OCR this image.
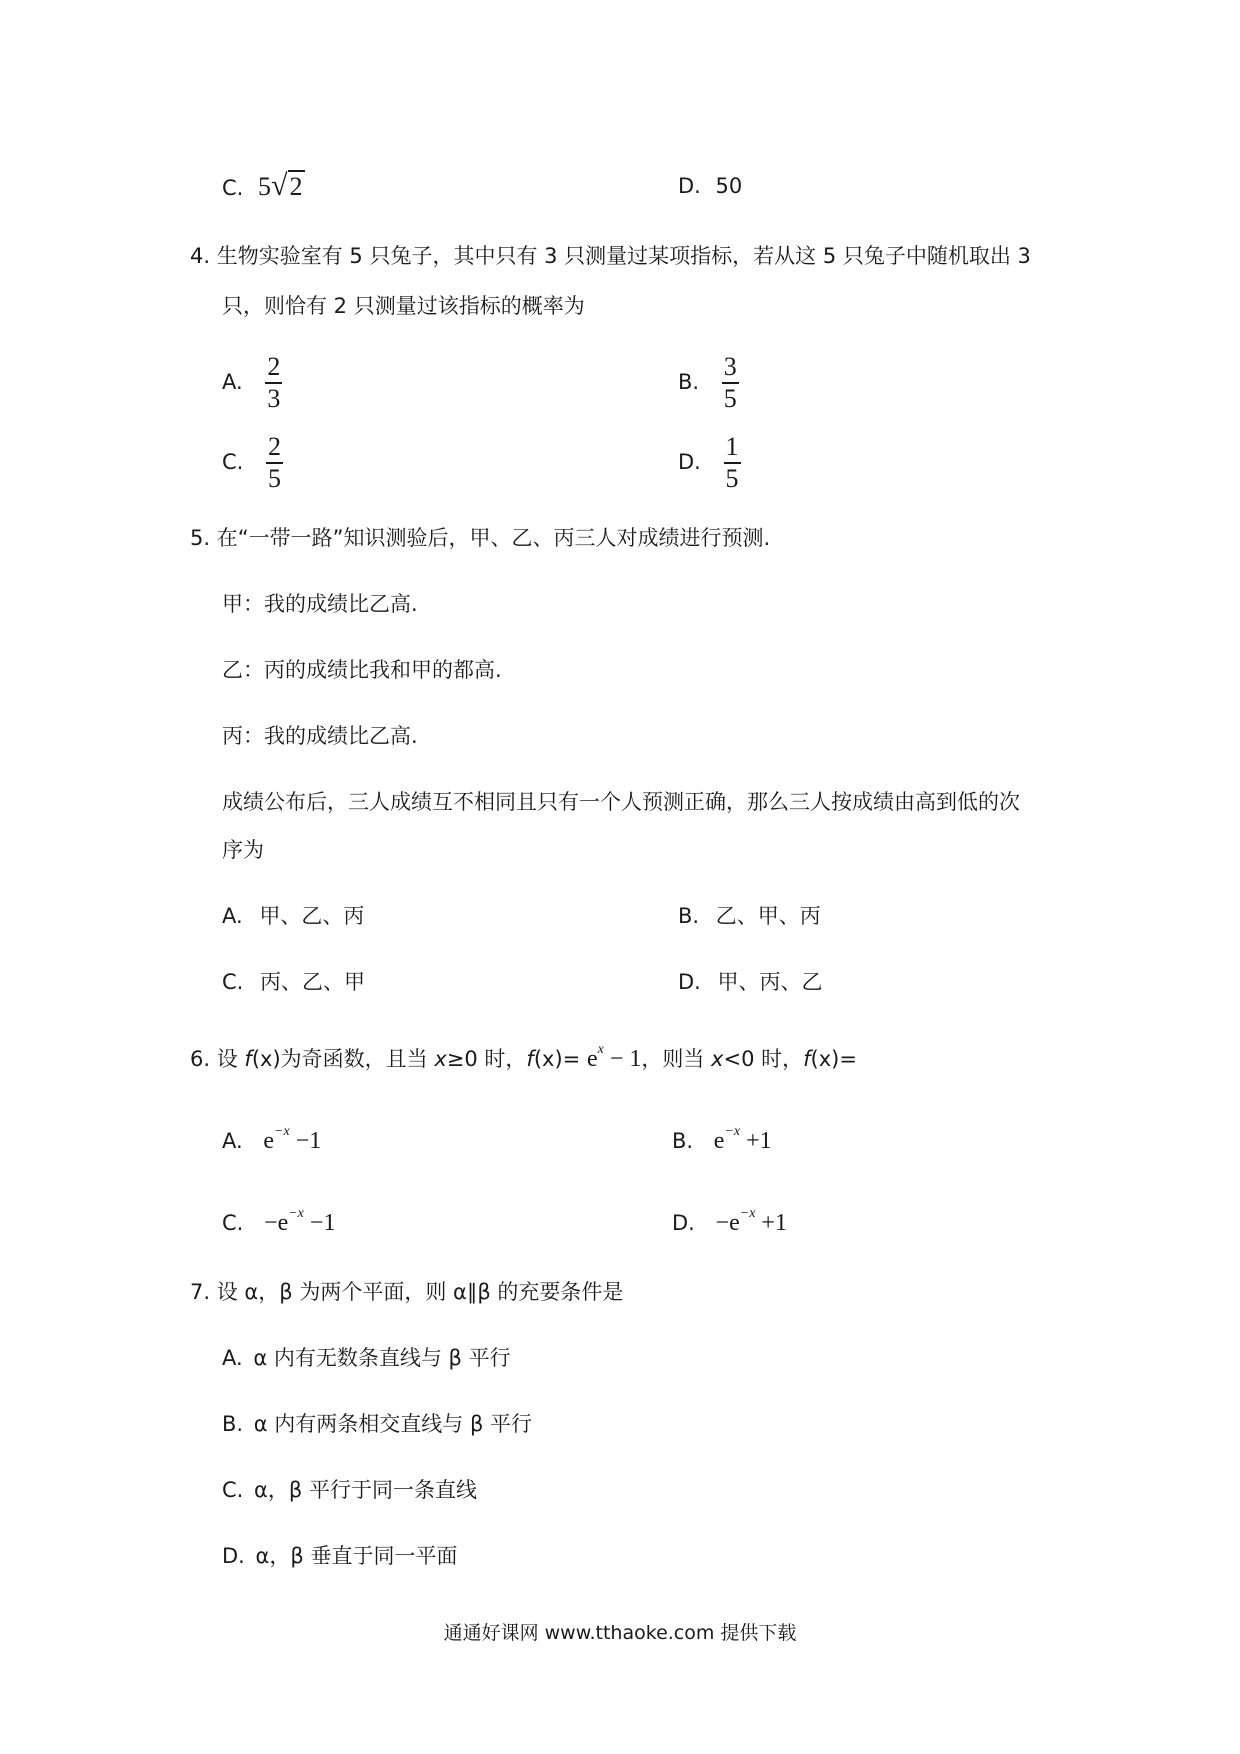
C. 5√2	D. 50
4. 生物实验室有 5 只兔子，其中只有 3 只测量过某项指标，若从这 5 只兔子中随机取出 3
只，则恰有 2 只测量过该指标的概率为
A. $\frac{2}{3}$	B. $\frac{3}{5}$
C. $\frac{2}{5}$	D. $\frac{1}{5}$
5. 在“一带一路”知识测验后，甲、乙、丙三人对成绩进行预测.
甲：我的成绩比乙高.
乙：丙的成绩比我和甲的都高.
丙：我的成绩比乙高.
成绩公布后，三人成绩互不相同且只有一个人预测正确，那么三人按成绩由高到低的次
序为
A. 甲、乙、丙	B. 乙、甲、丙
C. 丙、乙、甲	D. 甲、丙、乙
6. 设 f(x)为奇函数，且当 x≥0 时，$f(x)= e^x - 1$，则当 x<0 时，f(x)=
A. $e^{-x} -1$	B. $e^{-x} +1$
C. $-e^{-x} -1$	D. $-e^{-x} +1$
7. 设 α，β 为两个平面，则 α∥β 的充要条件是
A. α 内有无数条直线与 β 平行
B. α 内有两条相交直线与 β 平行
C. α，β 平行于同一条直线
D. α，β 垂直于同一平面
通通好课网 www.tthaoke.com 提供下载
